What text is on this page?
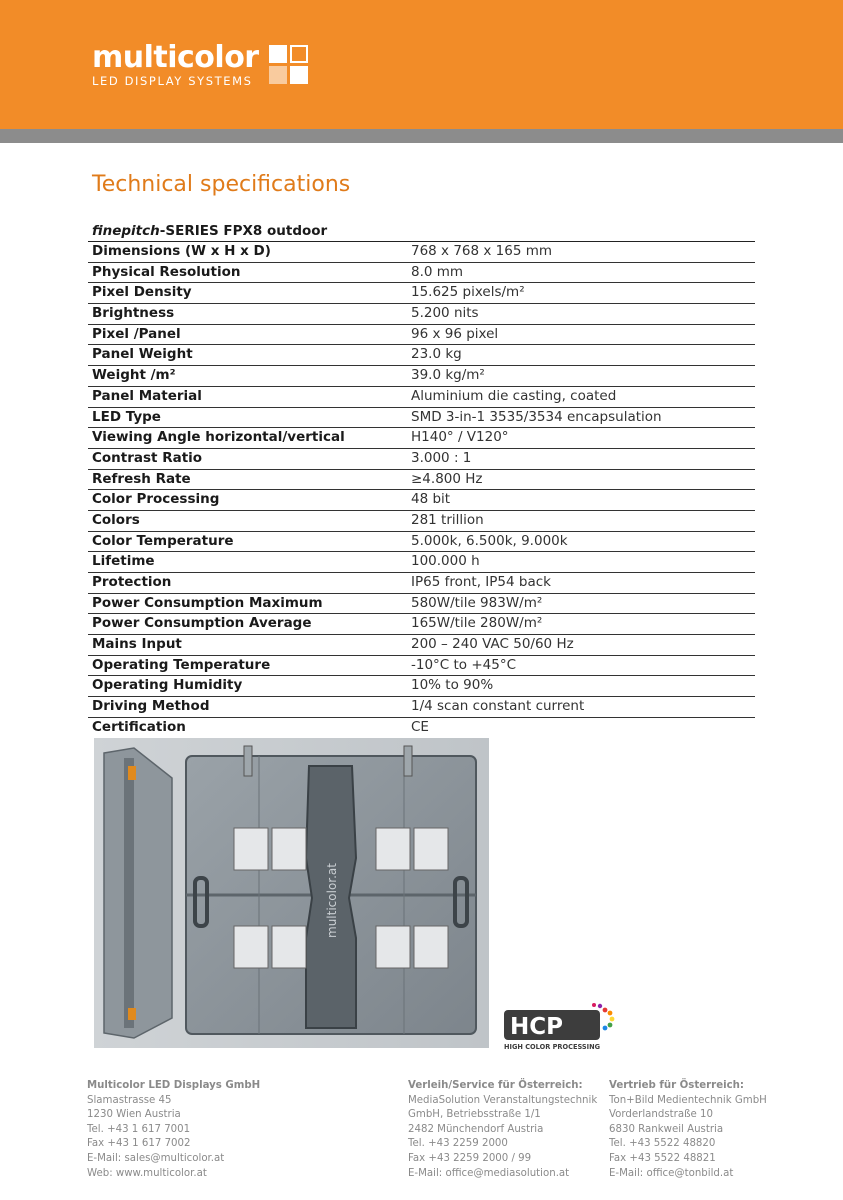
multicolor
LED DISPLAY SYSTEMS
Technical specifications
finepitch-SERIES FPX8 outdoor
Dimensions (W x H x D)	768 x 768 x 165 mm
Physical Resolution	8.0 mm
Pixel Density	15.625 pixels/m²
Brightness	5.200 nits
Pixel /Panel	96 x 96 pixel
Panel Weight	23.0 kg
Weight /m²	39.0 kg/m²
Panel Material	Aluminium die casting, coated
LED Type	SMD 3-in-1 3535/3534 encapsulation
Viewing Angle horizontal/vertical	H140° / V120°
Contrast Ratio	3.000 : 1
Refresh Rate	≥4.800 Hz
Color Processing	48 bit
Colors	281 trillion
Color Temperature	5.000k, 6.500k, 9.000k
Lifetime	100.000 h
Protection	IP65 front, IP54 back
Power Consumption Maximum	580W/tile 983W/m²
Power Consumption Average	165W/tile 280W/m²
Mains Input	200 – 240 VAC 50/60 Hz
Operating Temperature	-10°C to +45°C
Operating Humidity	10% to 90%
Driving Method	1/4 scan constant current
Certification	CE
multicolor.at
HCP
HIGH COLOR PROCESSING
Multicolor LED Displays GmbH
Slamastrasse 45
1230 Wien Austria
Tel. +43 1 617 7001
Fax +43 1 617 7002
E-Mail: sales@multicolor.at
Web: www.multicolor.at
Verleih/Service für Österreich:
MediaSolution Veranstaltungstechnik
GmbH, Betriebsstraße 1/1
2482 Münchendorf Austria
Tel. +43 2259 2000
Fax +43 2259 2000 / 99
E-Mail: office@mediasolution.at
Vertrieb für Österreich:
Ton+Bild Medientechnik GmbH
Vorderlandstraße 10
6830 Rankweil Austria
Tel. +43 5522 48820
Fax +43 5522 48821
E-Mail: office@tonbild.at
